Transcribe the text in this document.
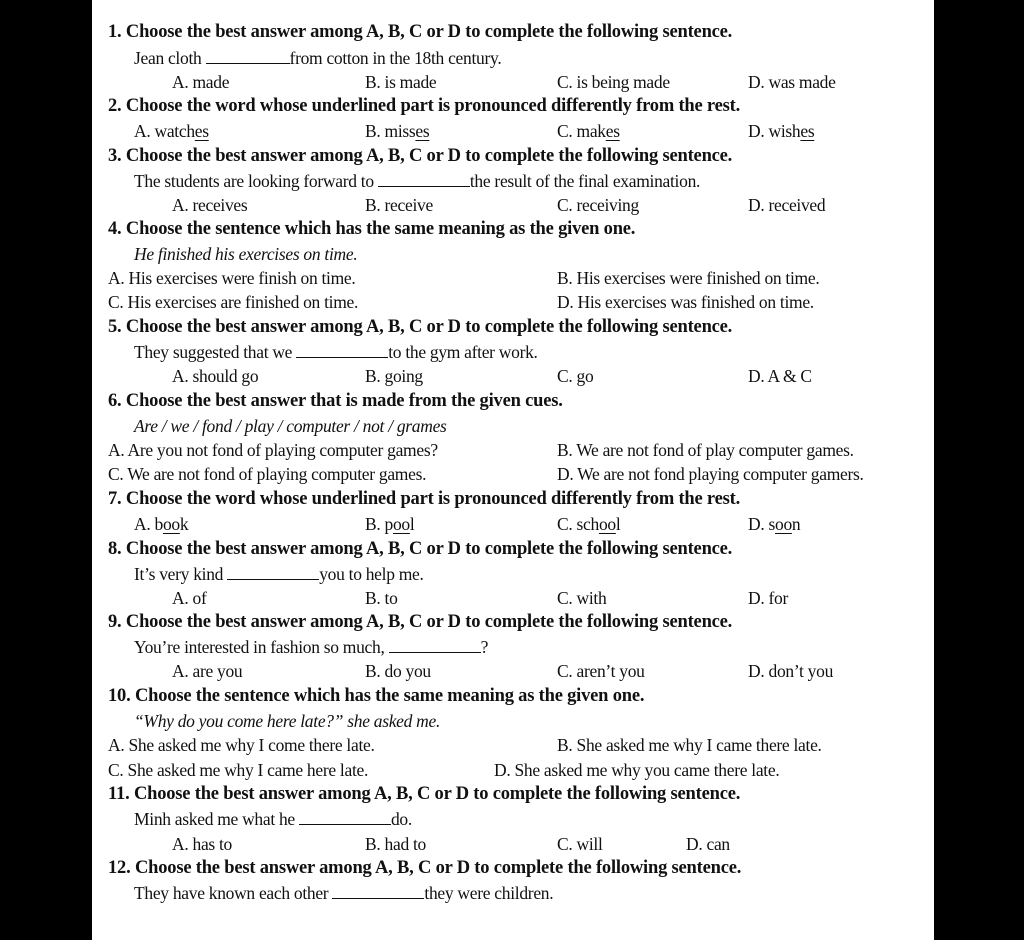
1. Choose the best answer among A, B, C or D to complete the following sentence.
Jean cloth	from cotton in the 18th century.
A. made	B. is made	C. is being made	D. was made
2. Choose the word whose underlined part is pronounced differently from the rest.
A. watches	B. misses	C. makes	D. wishes
3. Choose the best answer among A, B, C or D to complete the following sentence.
The students are looking forward to	the result of the final examination.
A. receives	B. receive	C. receiving	D. received
4. Choose the sentence which has the same meaning as the given one.
He finished his exercises on time.
A. His exercises were finish on time.	B. His exercises were finished on time.
C. His exercises are finished on time.	D. His exercises was finished on time.
5. Choose the best answer among A, B, C or D to complete the following sentence.
They suggested that we	to the gym after work.
A. should go	B. going	C. go	D. A & C
6. Choose the best answer that is made from the given cues.
Are / we / fond / play / computer / not / grames
A. Are you not fond of playing computer games?	B. We are not fond of play computer games.
C. We are not fond of playing computer games.	D. We are not fond playing computer gamers.
7. Choose the word whose underlined part is pronounced differently from the rest.
A. book	B. pool	C. school	D. soon
8. Choose the best answer among A, B, C or D to complete the following sentence.
It’s very kind	you to help me.
A. of	B. to	C. with	D. for
9. Choose the best answer among A, B, C or D to complete the following sentence.
You’re interested in fashion so much,	?
A. are you	B. do you	C. aren’t you	D. don’t you
10. Choose the sentence which has the same meaning as the given one.
“Why do you come here late?” she asked me.
A. She asked me why I come there late.	B. She asked me why I came there late.
C. She asked me why I came here late.	D. She asked me why you came there late.
11. Choose the best answer among A, B, C or D to complete the following sentence.
Minh asked me what he	do.
A. has to	B. had to	C. will	D. can
12. Choose the best answer among A, B, C or D to complete the following sentence.
They have known each other	they were children.
